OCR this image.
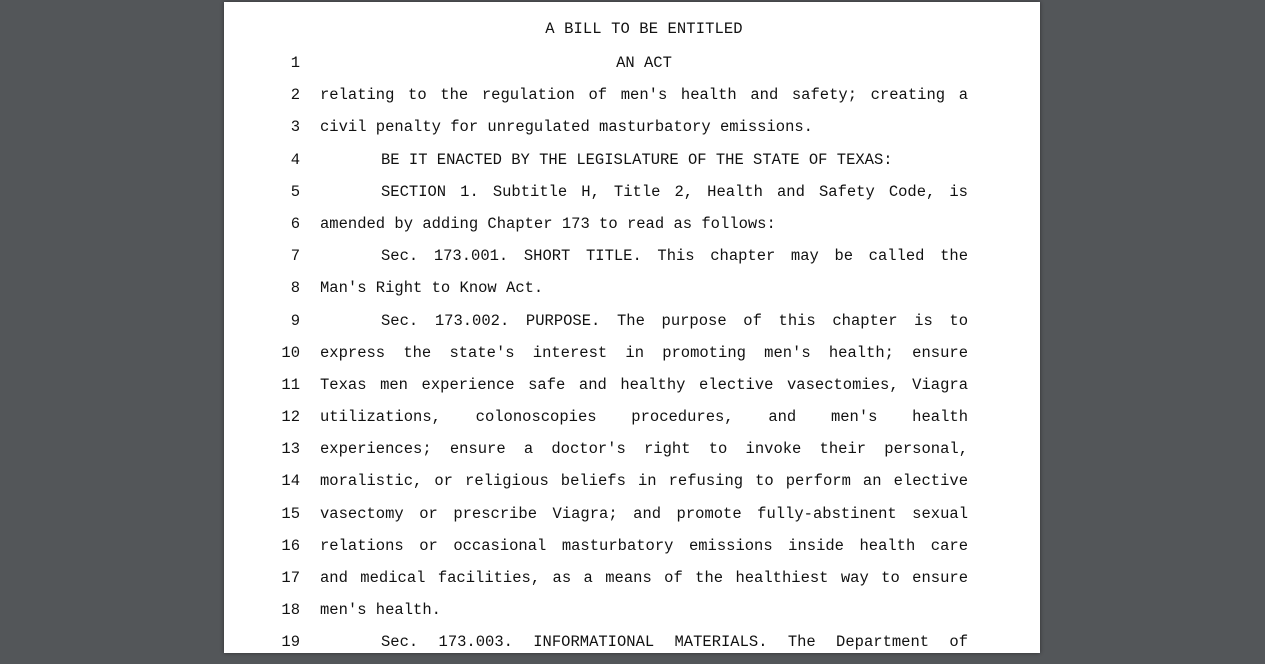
A BILL TO BE ENTITLED
1	AN ACT
2 relating to the regulation of men's health and safety; creating a
3 civil penalty for unregulated masturbatory emissions.
4	BE IT ENACTED BY THE LEGISLATURE OF THE STATE OF TEXAS:
5	SECTION 1. Subtitle H, Title 2, Health and Safety Code, is
6 amended by adding Chapter 173 to read as follows:
7	Sec. 173.001. SHORT TITLE. This chapter may be called the
8 Man's Right to Know Act.
9	Sec. 173.002. PURPOSE. The purpose of this chapter is to
10 express the state's interest in promoting men's health; ensure
11 Texas men experience safe and healthy elective vasectomies, Viagra
12 utilizations, colonoscopies procedures, and men's health
13 experiences; ensure a doctor's right to invoke their personal,
14 moralistic, or religious beliefs in refusing to perform an elective
15 vasectomy or prescribe Viagra; and promote fully-abstinent sexual
16 relations or occasional masturbatory emissions inside health care
17 and medical facilities, as a means of the healthiest way to ensure
18 men's health.
19	Sec. 173.003. INFORMATIONAL MATERIALS. The Department of
